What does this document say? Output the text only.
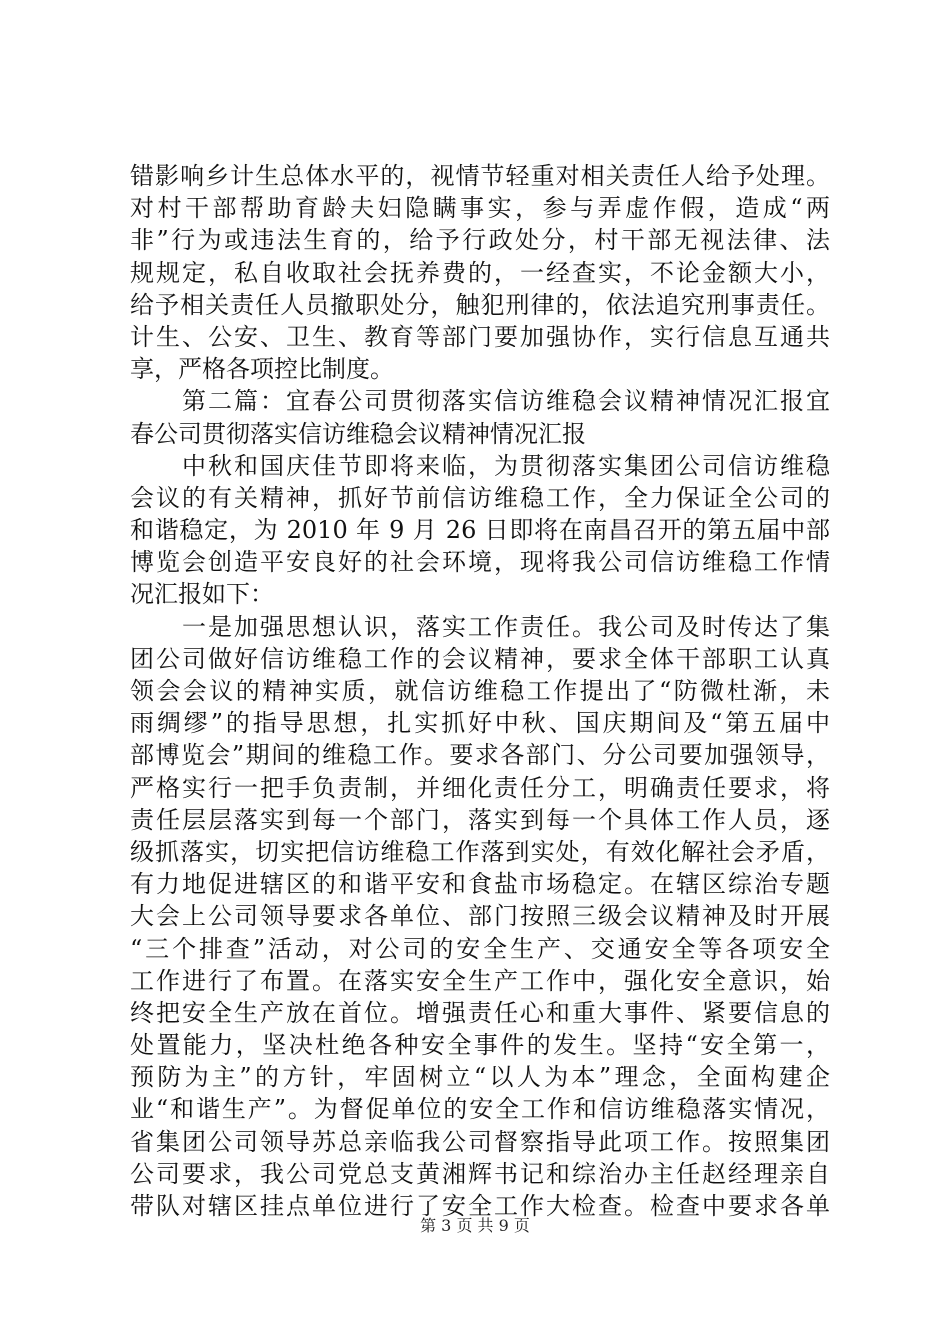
错影响乡计生总体水平的，视情节轻重对相关责任人给予处理。
对村干部帮助育龄夫妇隐瞒事实，参与弄虚作假，造成“两
非”行为或违法生育的，给予行政处分，村干部无视法律、法
规规定，私自收取社会抚养费的，一经查实，不论金额大小，
给予相关责任人员撤职处分，触犯刑律的，依法追究刑事责任。
计生、公安、卫生、教育等部门要加强协作，实行信息互通共
享，严格各项控比制度。
　　第二篇：宜春公司贯彻落实信访维稳会议精神情况汇报宜
春公司贯彻落实信访维稳会议精神情况汇报
　　中秋和国庆佳节即将来临，为贯彻落实集团公司信访维稳
会议的有关精神，抓好节前信访维稳工作，全力保证全公司的
和谐稳定，为 2010 年 9 月 26 日即将在南昌召开的第五届中部
博览会创造平安良好的社会环境，现将我公司信访维稳工作情
况汇报如下：
　　一是加强思想认识，落实工作责任。我公司及时传达了集
团公司做好信访维稳工作的会议精神，要求全体干部职工认真
领会会议的精神实质，就信访维稳工作提出了“防微杜渐，未
雨绸缪”的指导思想，扎实抓好中秋、国庆期间及“第五届中
部博览会”期间的维稳工作。要求各部门、分公司要加强领导，
严格实行一把手负责制，并细化责任分工，明确责任要求，将
责任层层落实到每一个部门，落实到每一个具体工作人员，逐
级抓落实，切实把信访维稳工作落到实处，有效化解社会矛盾，
有力地促进辖区的和谐平安和食盐市场稳定。在辖区综治专题
大会上公司领导要求各单位、部门按照三级会议精神及时开展
“三个排查”活动，对公司的安全生产、交通安全等各项安全
工作进行了布置。在落实安全生产工作中，强化安全意识，始
终把安全生产放在首位。增强责任心和重大事件、紧要信息的
处置能力，坚决杜绝各种安全事件的发生。坚持“安全第一，
预防为主”的方针，牢固树立“以人为本”理念，全面构建企
业“和谐生产”。为督促单位的安全工作和信访维稳落实情况，
省集团公司领导苏总亲临我公司督察指导此项工作。按照集团
公司要求，我公司党总支黄湘辉书记和综治办主任赵经理亲自
带队对辖区挂点单位进行了安全工作大检查。检查中要求各单
第 3 页 共 9 页
